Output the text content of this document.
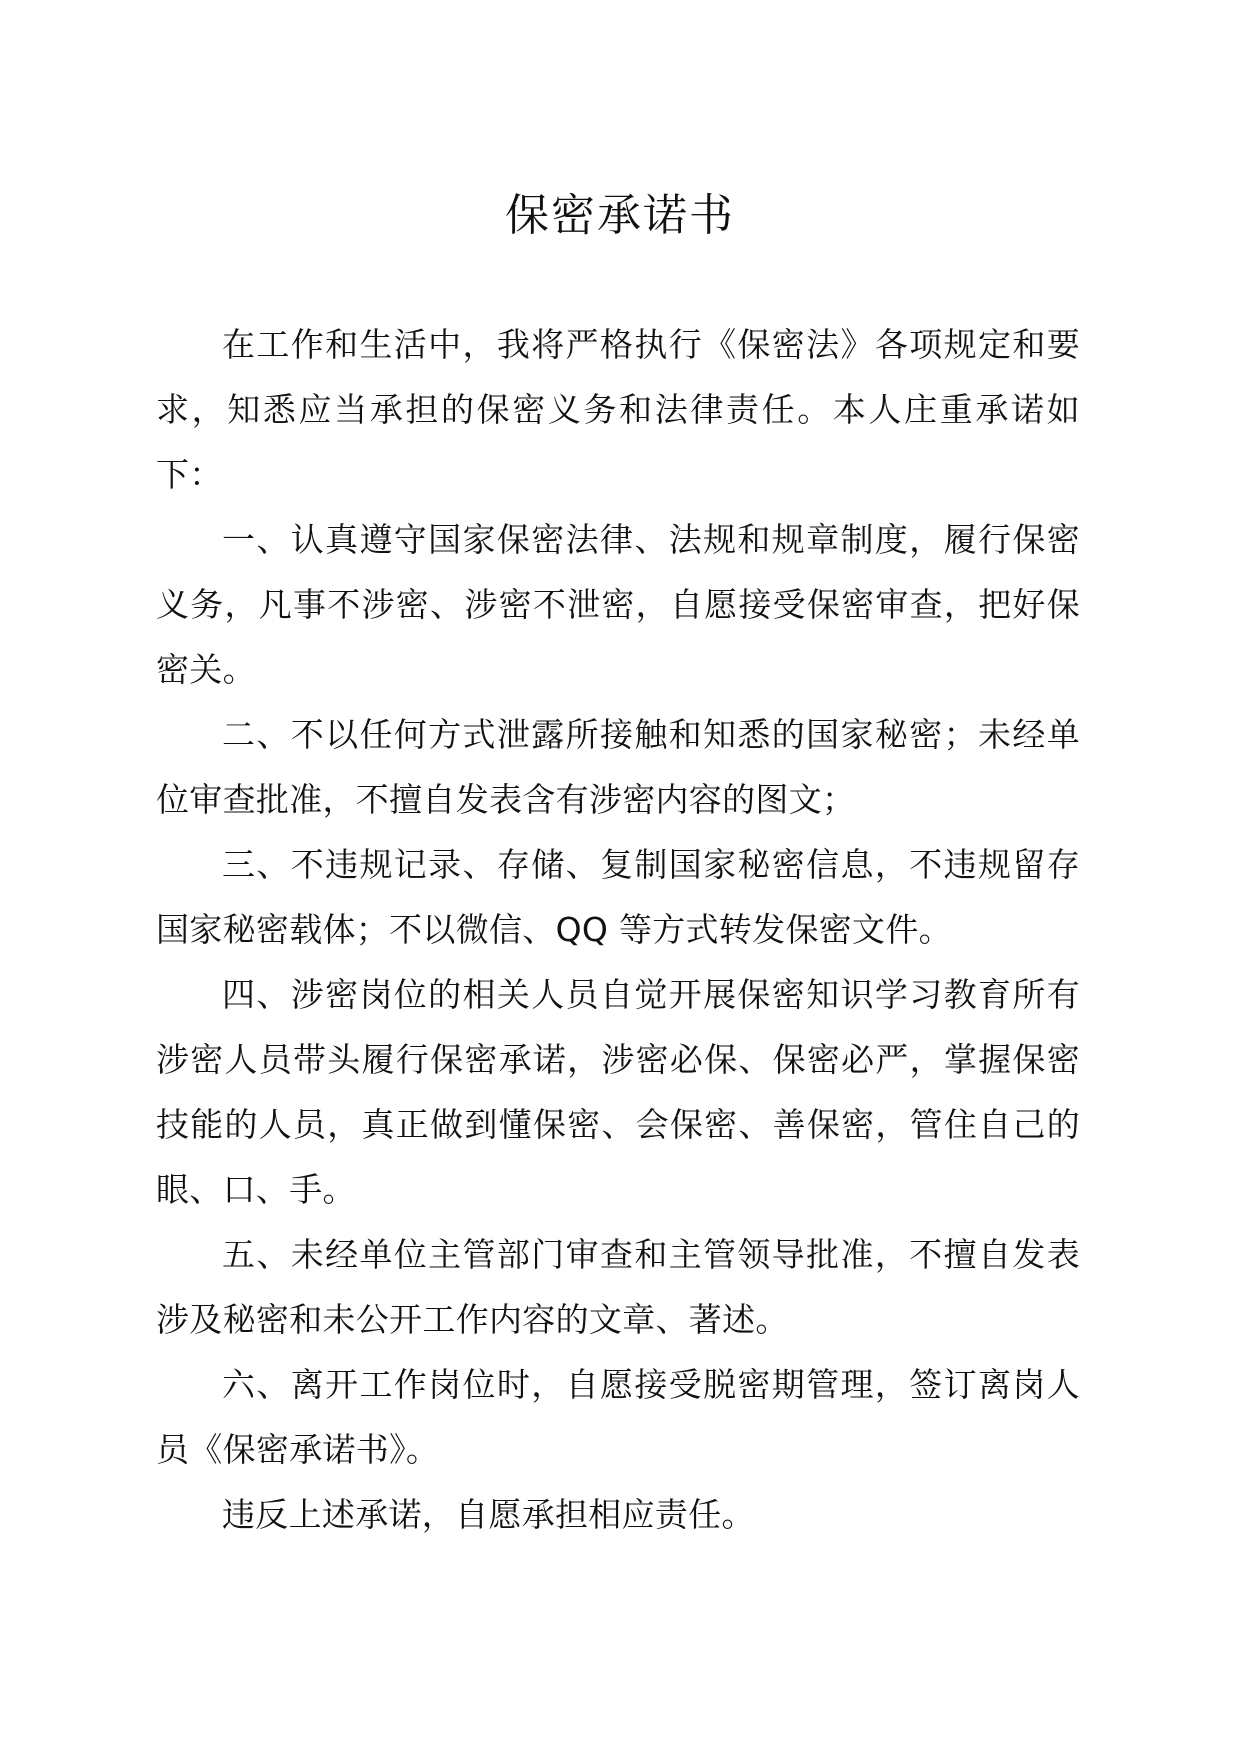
保密承诺书

在工作和生活中，我将严格执行《保密法》各项规定和要求，知悉应当承担的保密义务和法律责任。本人庄重承诺如下：

一、认真遵守国家保密法律、法规和规章制度，履行保密义务，凡事不涉密、涉密不泄密，自愿接受保密审查，把好保密关。

二、不以任何方式泄露所接触和知悉的国家秘密；未经单位审查批准，不擅自发表含有涉密内容的图文；

三、不违规记录、存储、复制国家秘密信息，不违规留存国家秘密载体；不以微信、QQ 等方式转发保密文件。

四、涉密岗位的相关人员自觉开展保密知识学习教育所有涉密人员带头履行保密承诺，涉密必保、保密必严，掌握保密技能的人员，真正做到懂保密、会保密、善保密，管住自己的眼、口、手。

五、未经单位主管部门审查和主管领导批准，不擅自发表涉及秘密和未公开工作内容的文章、著述。

六、离开工作岗位时，自愿接受脱密期管理，签订离岗人员《保密承诺书》。

违反上述承诺，自愿承担相应责任。
